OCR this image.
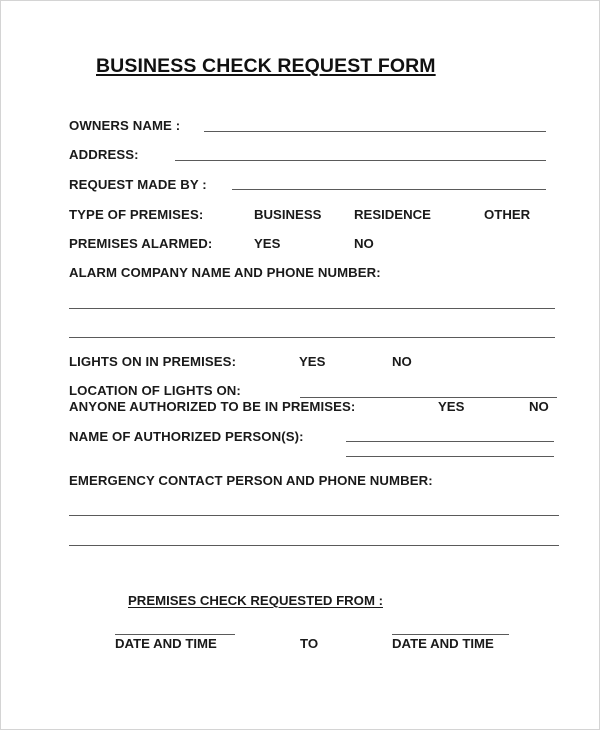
BUSINESS CHECK REQUEST FORM
OWNERS NAME :
ADDRESS:
REQUEST MADE BY :
TYPE OF PREMISES:	BUSINESS RESIDENCE	OTHER
PREMISES ALARMED:	YES	NO
ALARM COMPANY NAME AND PHONE NUMBER:
LIGHTS ON IN PREMISES:	YES	NO
LOCATION OF LIGHTS ON:
ANYONE AUTHORIZED TO BE IN PREMISES:	YES	NO
NAME OF AUTHORIZED PERSON(S):
EMERGENCY CONTACT PERSON AND PHONE NUMBER:
PREMISES CHECK REQUESTED FROM :
DATE AND TIME	TO	DATE AND TIME
